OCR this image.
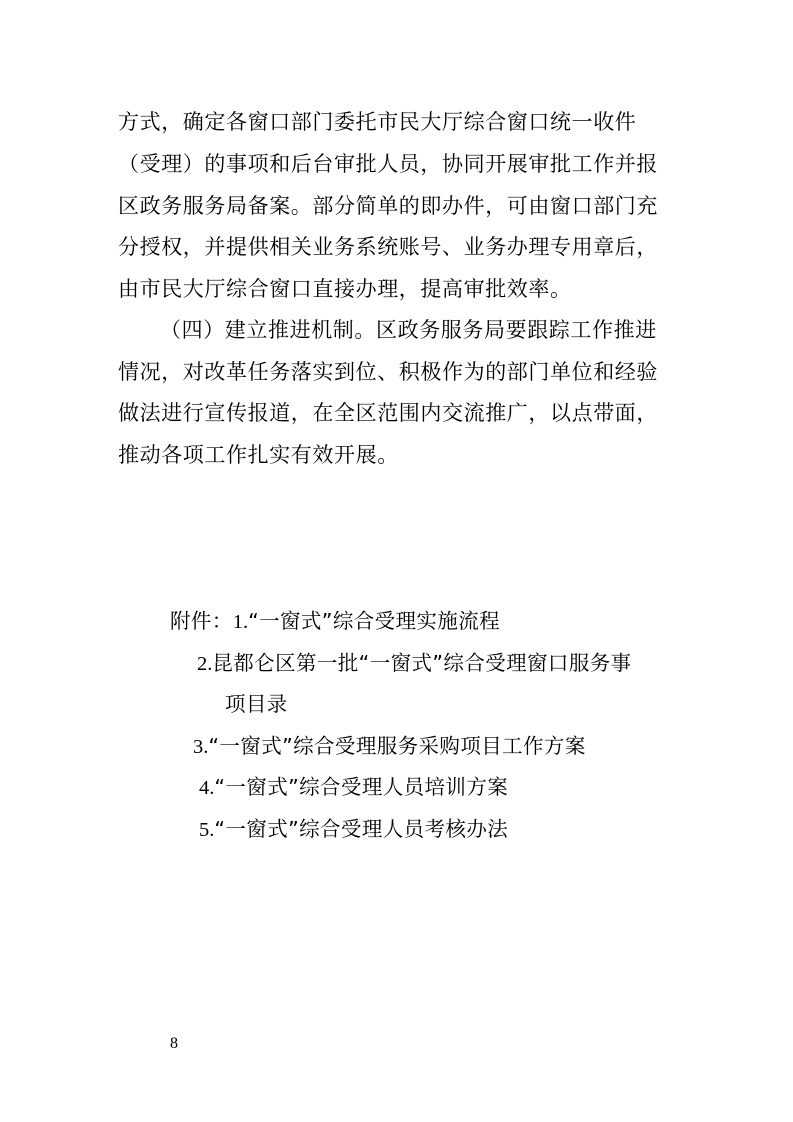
方式，确定各窗口部门委托市民大厅综合窗口统一收件
（受理）的事项和后台审批人员，协同开展审批工作并报
区政务服务局备案。部分简单的即办件，可由窗口部门充
分授权，并提供相关业务系统账号、业务办理专用章后，
由市民大厅综合窗口直接办理，提高审批效率。
（四）建立推进机制。区政务服务局要跟踪工作推进
情况，对改革任务落实到位、积极作为的部门单位和经验
做法进行宣传报道，在全区范围内交流推广，以点带面，
推动各项工作扎实有效开展。
附件：1.“一窗式”综合受理实施流程
2.昆都仑区第一批“一窗式”综合受理窗口服务事
项目录
3.“一窗式”综合受理服务采购项目工作方案
4.“一窗式”综合受理人员培训方案
5.“一窗式”综合受理人员考核办法
8
